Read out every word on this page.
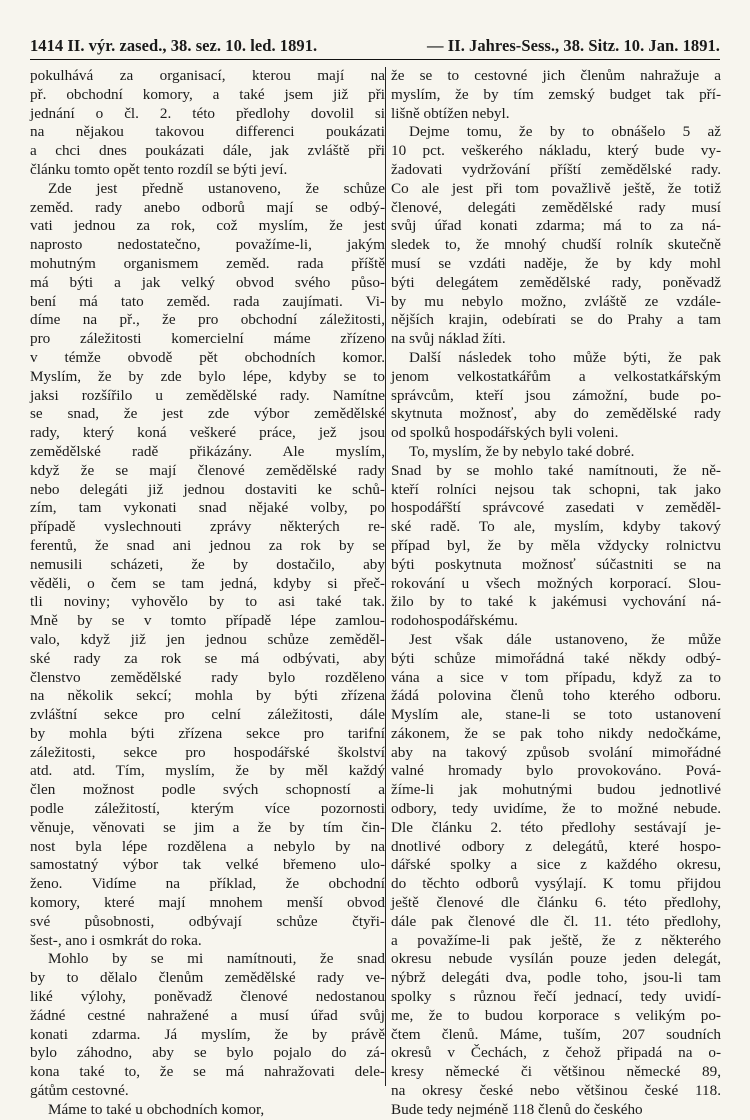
1414 II. výr. zased., 38. sez. 10. led. 1891.	— II. Jahres-Sess., 38. Sitz. 10. Jan. 1891.
pokulhává za organisací, kterou mají na
př. obchodní komory, a také jsem již při
jednání o čl. 2. této předlohy dovolil si
na nějakou takovou differenci poukázati
a chci dnes poukázati dále, jak zvláště při
článku tomto opět tento rozdíl se býti jeví.
Zde jest předně ustanoveno, že schůze
zeměd. rady anebo odborů mají se odbý-
vati jednou za rok, což myslím, že jest
naprosto nedostatečno, považíme-li, jakým
mohutným organismem zeměd. rada příště
má býti a jak velký obvod svého půso-
bení má tato zeměd. rada zaujímati. Vi-
díme na př., že pro obchodní záležitosti,
pro záležitosti komercielní máme zřízeno
v témže obvodě pět obchodních komor.
Myslím, že by zde bylo lépe, kdyby se to
jaksi rozšířilo u zemědělské rady. Namítne
se snad, že jest zde výbor zemědělské
rady, který koná veškeré práce, jež jsou
zemědělské radě přikázány. Ale myslím,
když že se mají členové zemědělské rady
nebo delegáti již jednou dostaviti ke schů-
zím, tam vykonati snad nějaké volby, po
případě vyslechnouti zprávy některých re-
ferentů, že snad ani jednou za rok by se
nemusili scházeti, že by dostačilo, aby
věděli, o čem se tam jedná, kdyby si přeč-
tli noviny; vyhovělo by to asi také tak.
Mně by se v tomto případě lépe zamlou-
valo, když již jen jednou schůze zeměděl-
ské rady za rok se má odbývati, aby
členstvo zemědělské rady bylo rozděleno
na několik sekcí; mohla by býti zřízena
zvláštní sekce pro celní záležitosti, dále
by mohla býti zřízena sekce pro tarifní
záležitosti, sekce pro hospodářské školství
atd. atd. Tím, myslím, že by měl každý
člen možnost podle svých schopností a
podle záležitostí, kterým více pozornosti
věnuje, věnovati se jim a že by tím čin-
nost byla lépe rozdělena a nebylo by na
samostatný výbor tak velké břemeno ulo-
ženo. Vidíme na příklad, že obchodní
komory, které mají mnohem menší obvod
své působnosti, odbývají schůze čtyři-
šest-, ano i osmkrát do roka.
Mohlo by se mi namítnouti, že snad
by to dělalo členům zemědělské rady ve-
liké výlohy, poněvadž členové nedostanou
žádné cestné nahražené a musí úřad svůj
konati zdarma. Já myslím, že by právě
bylo záhodno, aby se bylo pojalo do zá-
kona také to, že se má nahražovati dele-
gátům cestovné.
Máme to také u obchodních komor,
že se to cestovné jich členům nahražuje a
myslím, že by tím zemský budget tak pří-
lišně obtížen nebyl.
Dejme tomu, že by to obnášelo 5 až
10 pct. veškerého nákladu, který bude vy-
žadovati vydržování příští zemědělské rady.
Co ale jest při tom považlivě ještě, že totiž
členové, delegáti zemědělské rady musí
svůj úřad konati zdarma; má to za ná-
sledek to, že mnohý chudší rolník skutečně
musí se vzdáti naděje, že by kdy mohl
býti delegátem zemědělské rady, poněvadž
by mu nebylo možno, zvláště ze vzdále-
nějších krajin, odebírati se do Prahy a tam
na svůj náklad žíti.
Další následek toho může býti, že pak
jenom velkostatkářům a velkostatkářským
správcům, kteří jsou zámožní, bude po-
skytnuta možnosť, aby do zemědělské rady
od spolků hospodářských byli voleni.
To, myslím, že by nebylo také dobré.
Snad by se mohlo také namítnouti, že ně-
kteří rolníci nejsou tak schopni, tak jako
hospodářští správcové zasedati v zeměděl-
ské radě. To ale, myslím, kdyby takový
případ byl, že by měla vždycky rolnictvu
býti poskytnuta možnosť súčastniti se na
rokování u všech možných korporací. Slou-
žilo by to také k jakémusi vychování ná-
rodohospodářskému.
Jest však dále ustanoveno, že může
býti schůze mimořádná také někdy odbý-
vána a sice v tom případu, když za to
žádá polovina členů toho kterého odboru.
Myslím ale, stane-li se toto ustanovení
zákonem, že se pak toho nikdy nedočkáme,
aby na takový způsob svolání mimořádné
valné hromady bylo provokováno. Pová-
žíme-li jak mohutnými budou jednotlivé
odbory, tedy uvidíme, že to možné nebude.
Dle článku 2. této předlohy sestávají je-
dnotlivé odbory z delegátů, které hospo-
dářské spolky a sice z každého okresu,
do těchto odborů vysýlají. K tomu přijdou
ještě členové dle článku 6. této předlohy,
dále pak členové dle čl. 11. této předlohy,
a považíme-li pak ještě, že z některého
okresu nebude vysílán pouze jeden delegát,
nýbrž delegáti dva, podle toho, jsou-li tam
spolky s různou řečí jednací, tedy uvidí-
me, že to budou korporace s velikým po-
čtem členů. Máme, tuším, 207 soudních
okresů v Čechách, z čehož připadá na o-
kresy německé či většinou německé 89,
na okresy české nebo většinou české 118.
Bude tedy nejméně 118 členů do českého
